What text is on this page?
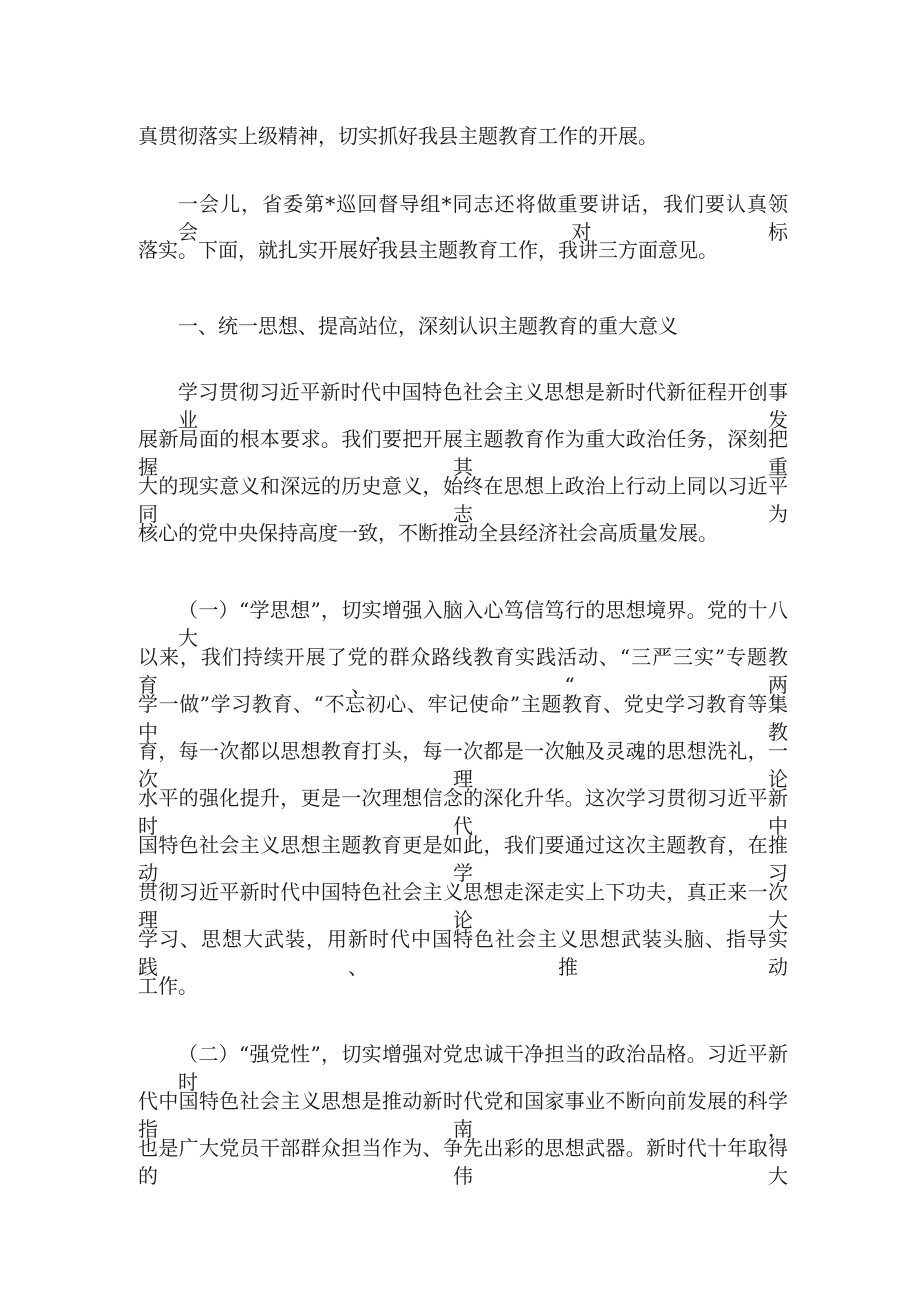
真贯彻落实上级精神，切实抓好我县主题教育工作的开展。
一会儿，省委第*巡回督导组*同志还将做重要讲话，我们要认真领会，对标
落实。下面，就扎实开展好我县主题教育工作，我讲三方面意见。
一、统一思想、提高站位，深刻认识主题教育的重大意义
学习贯彻习近平新时代中国特色社会主义思想是新时代新征程开创事业发
展新局面的根本要求。我们要把开展主题教育作为重大政治任务，深刻把握其重
大的现实意义和深远的历史意义，始终在思想上政治上行动上同以习近平同志为
核心的党中央保持高度一致，不断推动全县经济社会高质量发展。
（一）“学思想”，切实增强入脑入心笃信笃行的思想境界。党的十八大
以来，我们持续开展了党的群众路线教育实践活动、“三严三实”专题教育、“两
学一做”学习教育、“不忘初心、牢记使命”主题教育、党史学习教育等集中教
育，每一次都以思想教育打头，每一次都是一次触及灵魂的思想洗礼，一次理论
水平的强化提升，更是一次理想信念的深化升华。这次学习贯彻习近平新时代中
国特色社会主义思想主题教育更是如此，我们要通过这次主题教育，在推动学习
贯彻习近平新时代中国特色社会主义思想走深走实上下功夫，真正来一次理论大
学习、思想大武装，用新时代中国特色社会主义思想武装头脑、指导实践、推动
工作。
（二）“强党性”，切实增强对党忠诚干净担当的政治品格。习近平新时
代中国特色社会主义思想是推动新时代党和国家事业不断向前发展的科学指南，
也是广大党员干部群众担当作为、争先出彩的思想武器。新时代十年取得的伟大
